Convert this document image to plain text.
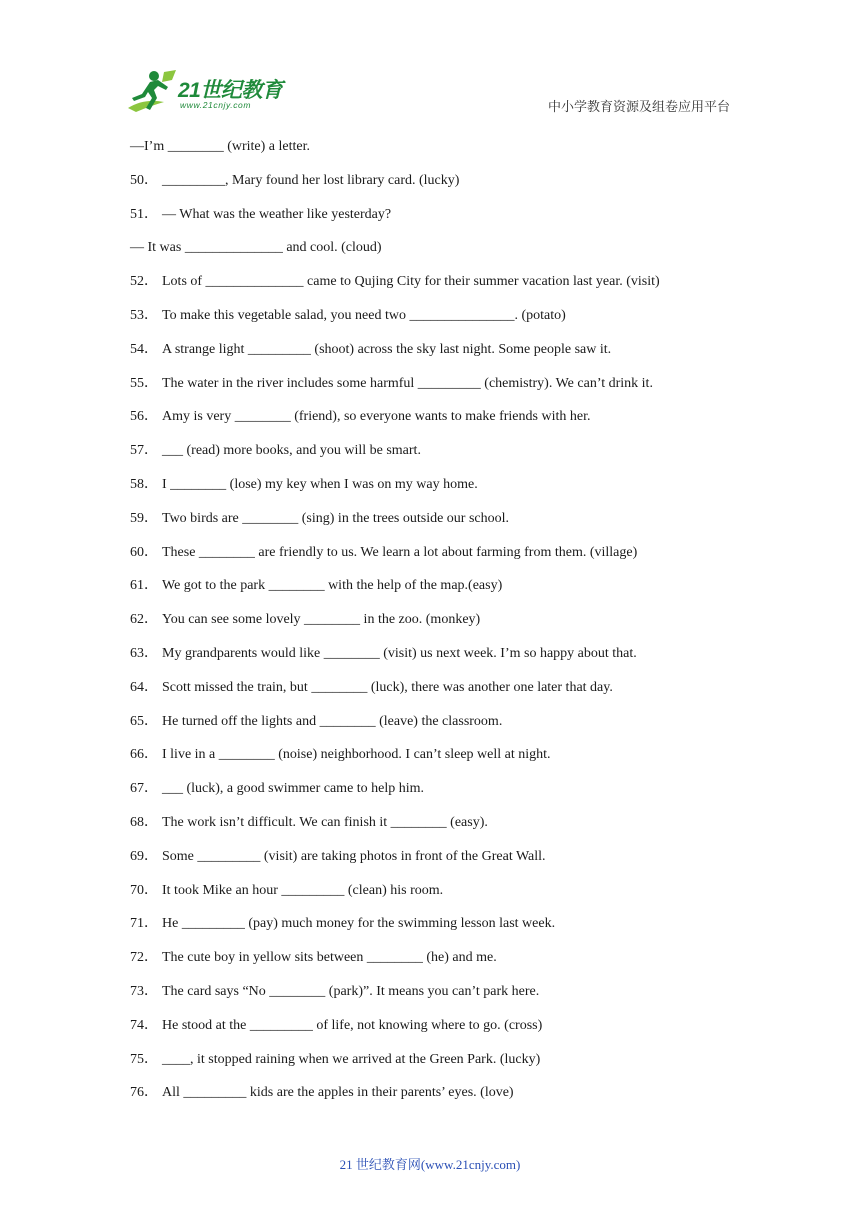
21世纪教育
www.21cnjy.com	中小学教育资源及组卷应用平台
—I’m ________ (write) a letter.
50． _________, Mary found her lost library card. (lucky)
51． — What was the weather like yesterday?
— It was ______________ and cool. (cloud)
52． Lots of ______________ came to Qujing City for their summer vacation last year. (visit)
53． To make this vegetable salad, you need two _______________. (potato)
54． A strange light _________ (shoot) across the sky last night. Some people saw it.
55． The water in the river includes some harmful _________ (chemistry). We can’t drink it.
56． Amy is very ________ (friend), so everyone wants to make friends with her.
57． ___ (read) more books, and you will be smart.
58． I ________ (lose) my key when I was on my way home.
59． Two birds are ________ (sing) in the trees outside our school.
60． These ________ are friendly to us. We learn a lot about farming from them. (village)
61． We got to the park ________ with the help of the map.(easy)
62． You can see some lovely ________ in the zoo. (monkey)
63． My grandparents would like ________ (visit) us next week. I’m so happy about that.
64． Scott missed the train, but ________ (luck), there was another one later that day.
65． He turned off the lights and ________ (leave) the classroom.
66． I live in a ________ (noise) neighborhood. I can’t sleep well at night.
67． ___ (luck), a good swimmer came to help him.
68． The work isn’t difficult. We can finish it ________ (easy).
69． Some _________ (visit) are taking photos in front of the Great Wall.
70． It took Mike an hour _________ (clean) his room.
71． He _________ (pay) much money for the swimming lesson last week.
72． The cute boy in yellow sits between ________ (he) and me.
73． The card says “No ________ (park)”. It means you can’t park here.
74． He stood at the _________ of life, not knowing where to go. (cross)
75． ____, it stopped raining when we arrived at the Green Park. (lucky)
76． All _________ kids are the apples in their parents’ eyes. (love)
21 世纪教育网(www.21cnjy.com)
